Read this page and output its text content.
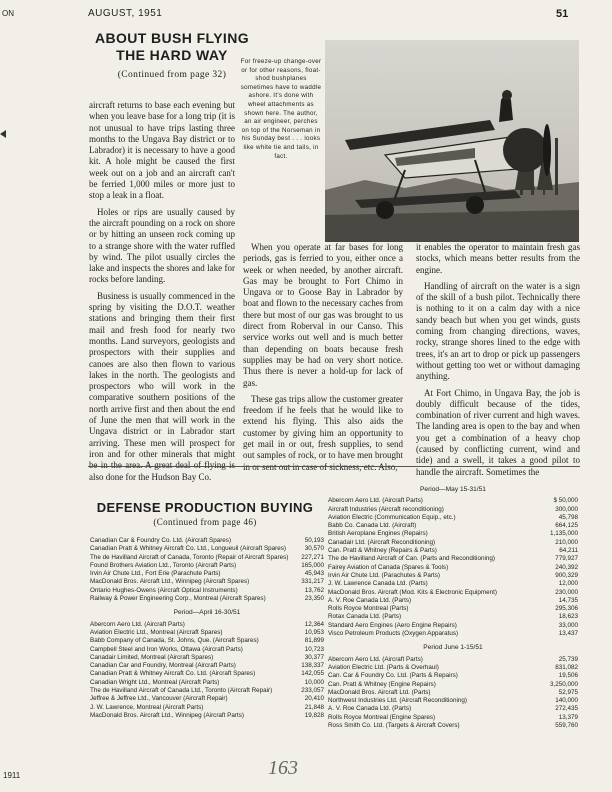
ON
1911
AUGUST, 1951	51
ABOUT BUSH FLYING THE HARD WAY
(Continued from page 32)
For freeze-up change-over or for other reasons, float-shod bushplanes sometimes have to waddle ashore. It's done with wheel attachments as shown here. The author, an air engineer, perches on top of the Norseman in his Sunday best . . . looks like white tie and tails, in fact.

aircraft returns to base each evening but when you leave base for a long trip (it is not unusual to have trips lasting three months to the Ungava Bay district or to Labrador) it is necessary to have a good kit. A hole might be caused the first week out on a job and an aircraft can't be ferried 1,000 miles or more just to stop a leak in a float.

Holes or rips are usually caused by the aircraft pounding on a rock on shore or by hitting an unseen rock coming up to a strange shore with the water ruffled by wind. The pilot usually circles the lake and inspects the shores and lake for rocks before landing.

Business is usually commenced in the spring by visiting the D.O.T. weather stations and bringing them their first mail and fresh food for nearly two months. Land surveyors, geologists and prospectors with their supplies and canoes are also then flown to various lakes in the north. The geologists and prospectors who will work in the comparative southern positions of the north arrive first and then about the end of June the men that will work in the Ungava district or in Labrador start arriving. These men will prospect for iron and for other minerals that might also done for the Hudson Bay Co.

When you operate at far bases for long periods, gas is ferried to you, either once a week or when needed, by another aircraft. Gas may be brought to Fort Chimo in Ungava or to Goose Bay in Labrador by boat and flown to the necessary caches from there but most of our gas was brought to us direct from Roberval in our Canso. This service works out well and is much better than depending on boats because fresh supplies may be had on very short notice. Thus there is never a hold-up for lack of gas.

These gas trips allow the customer greater freedom if he feels that he would like to extend his flying. This also aids the customer by giving him an opportunity to get mail in or out, fresh supplies, to send out samples of rock, or to have men brought

it enables the operator to maintain fresh gas stocks, which means better results from the engine.

Handling of aircraft on the water is a sign of the skill of a bush pilot. Technically there is nothing to it on a calm day with a nice sandy beach but when you get winds, gusts coming from changing directions, waves, rocky, strange shores lined to the edge with trees, it's an art to drop or pick up passengers without getting too wet or without damaging anything.

At Fort Chimo, in Ungava Bay, the job is doubly difficult because of the tides, combination of river current and high waves. The landing area is open to the bay and when you get a combination of a heavy chop (caused by conflicting current, wind and tide) and a swell, it takes a good pilot to handle the aircraft. Sometimes the

DEFENSE PRODUCTION BUYING
(Continued from page 46)
Canadian Car & Foundry Co. Ltd. (Aircraft Spares)	50,193
Canadian Pratt & Whitney Aircraft Co. Ltd., Longueuil (Aircraft Spares)	30,570
The de Havilland Aircraft of Canada, Toronto (Repair of Aircraft Spares)	227,271
Found Brothers Aviation Ltd., Toronto (Aircraft Parts)	165,000
Irvin Air Chute Ltd., Fort Erie (Parachute Parts)	45,943
MacDonald Bros. Aircraft Ltd., Winnipeg (Aircraft Spares)	331,217
Ontario Hughes-Owens (Aircraft Optical Instruments)	13,762
Railway & Power Engineering Corp., Montreal (Aircraft Spares)	23,350
Period—April 16-30/51
Abercorn Aero Ltd. (Aircraft Parts)	12,364
Aviation Electric Ltd., Montreal (Aircraft Spares)	10,953
Babb Company of Canada, St. Johns, Que. (Aircraft Spares)	81,899
Campbell Steel and Iron Works, Ottawa (Aircraft Parts)	10,723
Canadair Limited, Montreal (Aircraft Spares)	30,377
Canadian Car and Foundry, Montreal (Aircraft Parts)	138,337
Canadian Pratt & Whitney Aircraft Co. Ltd. (Aircraft Spares)	142,055
Canadian Wright Ltd., Montreal (Aircraft Parts)	10,000
The de Havilland Aircraft of Canada Ltd., Toronto (Aircraft Repair)	233,057
Jeffree & Jeffree Ltd., Vancouver (Aircraft Repair)	20,410
J. W. Lawrence, Montreal (Aircraft Parts)	21,848
MacDonald Bros. Aircraft Ltd., Winnipeg (Aircraft Parts)	19,828
Period—May 15-31/51
Abercorn Aero Ltd. (Aircraft Parts)	$ 50,000
Aircraft Industries (Aircraft reconditioning)	300,000
Aviation Electric (Communication Equip., etc.)	45,798
Babb Co. Canada Ltd. (Aircraft)	664,125
British Aeroplane Engines (Repairs)	1,135,000
Canadair Ltd. (Aircraft Reconditioning)	210,000
Can. Pratt & Whitney (Repairs & Parts)	64,211
The de Havilland Aircraft of Can. (Parts and Reconditioning)	779,927
Fairey Aviation of Canada (Spares & Tools)	240,392
Irvin Air Chute Ltd. (Parachutes & Parts)	900,329
J. W. Lawrence Canada Ltd. (Parts)	12,000
MacDonald Bros. Aircraft (Mod. Kits & Electronic Equipment)	230,000
A. V. Roe Canada Ltd. (Parts)	14,735
Rolls Royce Montreal (Parts)	295,306
Rotax Canada Ltd. (Parts)	18,623
Standard Aero Engines (Aero Engine Repairs)	33,000
Visco Petroleum Products (Oxygen Apparatus)	13,437
Period June 1-15/51
Abercorn Aero Ltd. (Aircraft Parts)	25,739
Aviation Electric Ltd. (Parts & Overhaul)	831,082
Can. Car & Foundry Co. Ltd. (Parts & Repairs)	19,506
Can. Pratt & Whitney (Engine Repairs)	3,250,000
MacDonald Bros. Aircraft Ltd. (Parts)	52,975
Northwest Industries Ltd. (Aircraft Reconditioning)	140,000
A. V. Roe Canada Ltd. (Parts)	272,435
Rolls Royce Montreal (Engine Spares)	13,379
Ross Smith Co. Ltd. (Targets & Aircraft Covers)	559,760
163
